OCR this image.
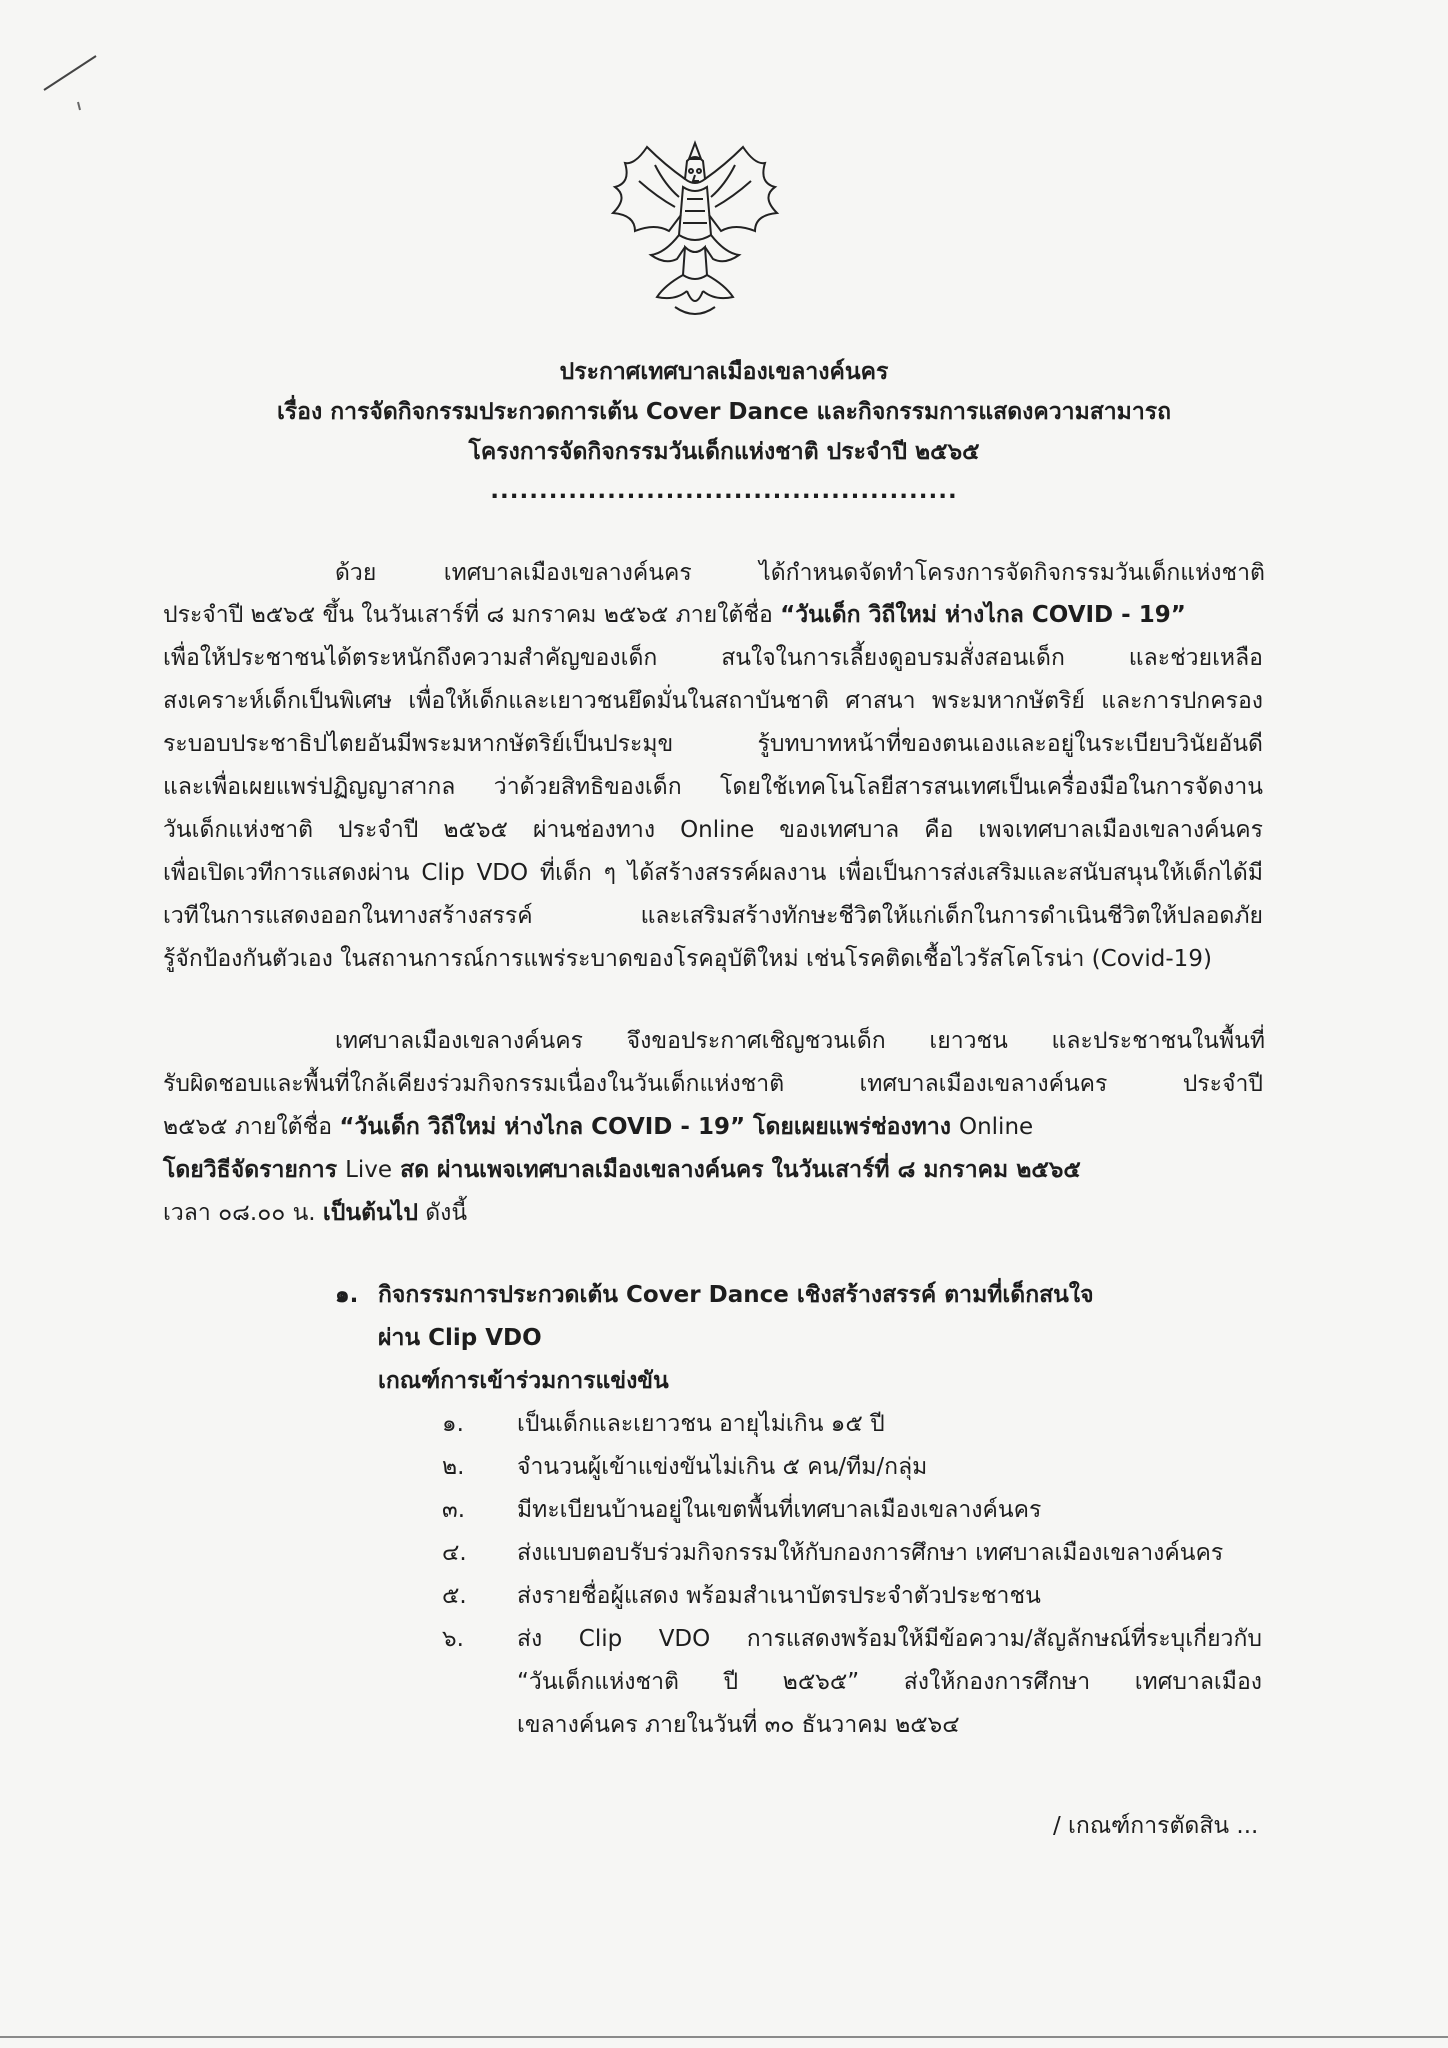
ประกาศเทศบาลเมืองเขลางค์นคร
เรื่อง การจัดกิจกรรมประกวดการเต้น Cover Dance และกิจกรรมการแสดงความสามารถ
โครงการจัดกิจกรรมวันเด็กแห่งชาติ ประจำปี ๒๕๖๕
................................................
ด้วย เทศบาลเมืองเขลางค์นคร ได้กำหนดจัดทำโครงการจัดกิจกรรมวันเด็กแห่งชาติ
ประจำปี ๒๕๖๕ ขึ้น ในวันเสาร์ที่ ๘ มกราคม ๒๕๖๕ ภายใต้ชื่อ “วันเด็ก วิถีใหม่ ห่างไกล COVID - 19”
เพื่อให้ประชาชนได้ตระหนักถึงความสำคัญของเด็ก สนใจในการเลี้ยงดูอบรมสั่งสอนเด็ก และช่วยเหลือ
สงเคราะห์เด็กเป็นพิเศษ เพื่อให้เด็กและเยาวชนยึดมั่นในสถาบันชาติ ศาสนา พระมหากษัตริย์ และการปกครอง
ระบอบประชาธิปไตยอันมีพระมหากษัตริย์เป็นประมุข รู้บทบาทหน้าที่ของตนเองและอยู่ในระเบียบวินัยอันดี
และเพื่อเผยแพร่ปฏิญญาสากล ว่าด้วยสิทธิของเด็ก โดยใช้เทคโนโลยีสารสนเทศเป็นเครื่องมือในการจัดงาน
วันเด็กแห่งชาติ ประจำปี ๒๕๖๕ ผ่านช่องทาง Online ของเทศบาล คือ เพจเทศบาลเมืองเขลางค์นคร
เพื่อเปิดเวทีการแสดงผ่าน Clip VDO ที่เด็ก ๆ ได้สร้างสรรค์ผลงาน เพื่อเป็นการส่งเสริมและสนับสนุนให้เด็กได้มี
เวทีในการแสดงออกในทางสร้างสรรค์ และเสริมสร้างทักษะชีวิตให้แก่เด็กในการดำเนินชีวิตให้ปลอดภัย
รู้จักป้องกันตัวเอง ในสถานการณ์การแพร่ระบาดของโรคอุบัติใหม่ เช่นโรคติดเชื้อไวรัสโคโรน่า (Covid-19)
เทศบาลเมืองเขลางค์นคร จึงขอประกาศเชิญชวนเด็ก เยาวชน และประชาชนในพื้นที่
รับผิดชอบและพื้นที่ใกล้เคียงร่วมกิจกรรมเนื่องในวันเด็กแห่งชาติ เทศบาลเมืองเขลางค์นคร ประจำปี
๒๕๖๕ ภายใต้ชื่อ “วันเด็ก วิถีใหม่ ห่างไกล COVID - 19” โดยเผยแพร่ช่องทาง Online
โดยวิธีจัดรายการ Live สด ผ่านเพจเทศบาลเมืองเขลางค์นคร ในวันเสาร์ที่ ๘ มกราคม ๒๕๖๕
เวลา ๐๘.๐๐ น. เป็นต้นไป ดังนี้
๑. กิจกรรมการประกวดเต้น Cover Dance เชิงสร้างสรรค์ ตามที่เด็กสนใจ
ผ่าน Clip VDO
เกณฑ์การเข้าร่วมการแข่งขัน
๑. เป็นเด็กและเยาวชน อายุไม่เกิน ๑๕ ปี
๒. จำนวนผู้เข้าแข่งขันไม่เกิน ๕ คน/ทีม/กลุ่ม
๓. มีทะเบียนบ้านอยู่ในเขตพื้นที่เทศบาลเมืองเขลางค์นคร
๔. ส่งแบบตอบรับร่วมกิจกรรมให้กับกองการศึกษา เทศบาลเมืองเขลางค์นคร
๕. ส่งรายชื่อผู้แสดง พร้อมสำเนาบัตรประจำตัวประชาชน
๖. ส่ง Clip VDO การแสดงพร้อมให้มีข้อความ/สัญลักษณ์ที่ระบุเกี่ยวกับ
“วันเด็กแห่งชาติ ปี ๒๕๖๕” ส่งให้กองการศึกษา เทศบาลเมือง
เขลางค์นคร ภายในวันที่ ๓๐ ธันวาคม ๒๕๖๔
/ เกณฑ์การตัดสิน ...
